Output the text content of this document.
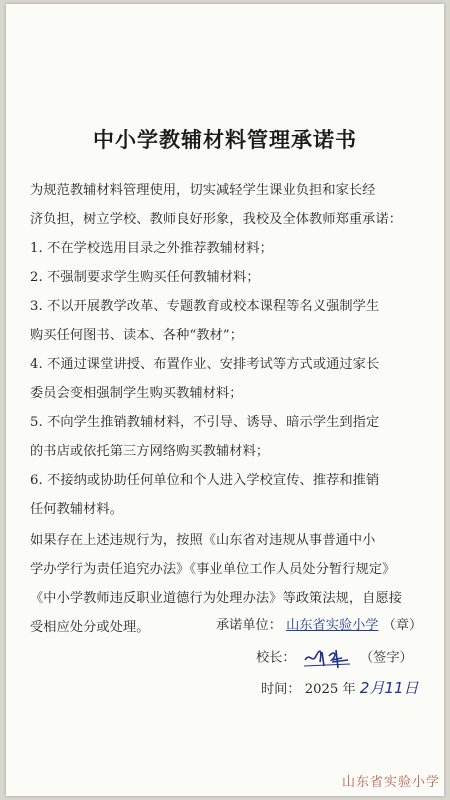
中小学教辅材料管理承诺书
为规范教辅材料管理使用，切实减轻学生课业负担和家长经
济负担，树立学校、教师良好形象，我校及全体教师郑重承诺：
1. 不在学校选用目录之外推荐教辅材料；
2. 不强制要求学生购买任何教辅材料；
3. 不以开展教学改革、专题教育或校本课程等名义强制学生
购买任何图书、读本、各种“教材”；
4. 不通过课堂讲授、布置作业、安排考试等方式或通过家长
委员会变相强制学生购买教辅材料；
5. 不向学生推销教辅材料，不引导、诱导、暗示学生到指定
的书店或依托第三方网络购买教辅材料；
6. 不接纳或协助任何单位和个人进入学校宣传、推荐和推销
任何教辅材料。
如果存在上述违规行为，按照《山东省对违规从事普通中小
学办学行为责任追究办法》《事业单位工作人员处分暂行规定》
《中小学教师违反职业道德行为处理办法》等政策法规，自愿接
受相应处分或处理。	承诺单位： 山东省实验小学 （章）
校长：	（签字）
时间： 2025 年 2月11日
山东省实验小学
